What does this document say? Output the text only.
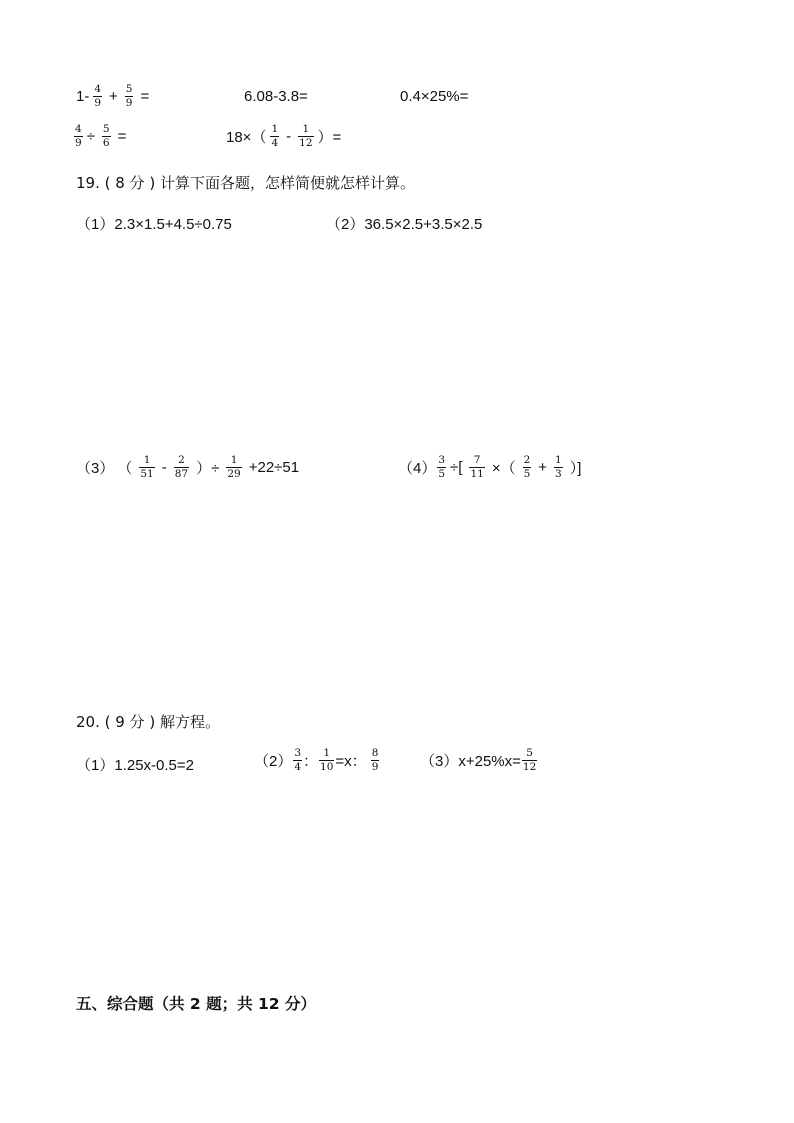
$1- \frac{4}{9} + \frac{5}{9}$ =	6.08-3.8=	0.4×25%=
$\frac{4}{9} \div \frac{5}{6}$ =	$18\times( \frac{1}{4} - \frac{1}{12}$ ）=
19. ( 8 分 ) 计算下面各题，怎样简便就怎样计算。
（1）2.3×1.5+4.5÷0.75	（2）36.5×2.5+3.5×2.5
（3） （ $\frac{1}{51} - \frac{2}{87}$ ）÷ $\frac{1}{29} +22\div 51$	$(4) \frac{3}{5}$ ÷[ $\frac{7}{11}$ ×（ $\frac{2}{5} + \frac{1}{3}$ ）]
20. ( 9 分 ) 解方程。
（1）1.25x-0.5=2	$(2) \frac{3}{4}$ ： $\frac{1}{10} =x$： $\frac{8}{9}$	$(3)x+25\%x= \frac{5}{12}$
五、综合题（共 2 题；共 12 分）
